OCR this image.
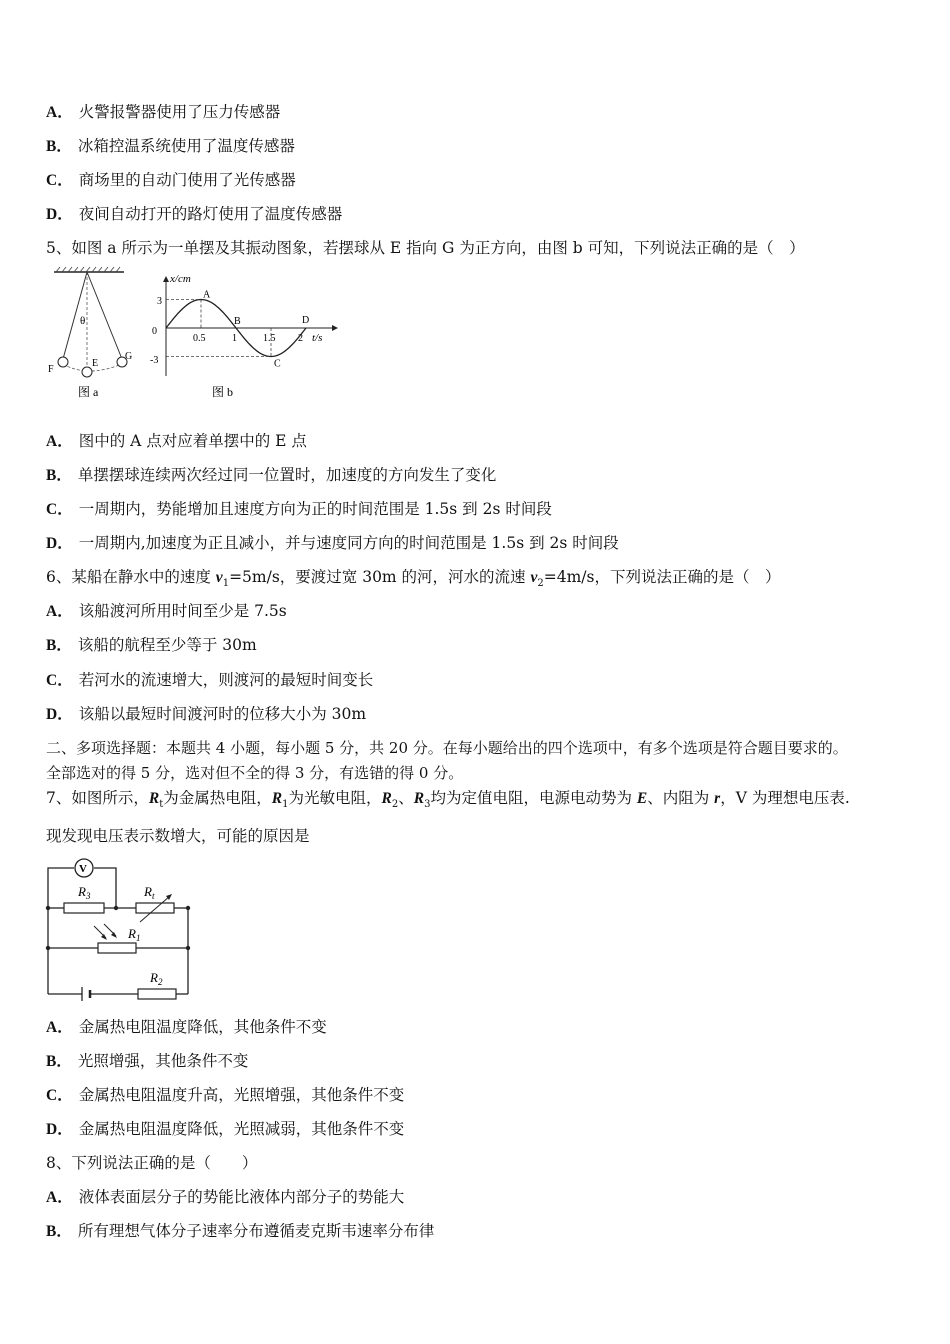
A． 火警报警器使用了压力传感器
B． 冰箱控温系统使用了温度传感器
C． 商场里的自动门使用了光传感器
D． 夜间自动打开的路灯使用了温度传感器
5、如图 a 所示为一单摆及其振动图象，若摆球从 E 指向 G 为正方向，由图 b 可知，下列说法正确的是（　）
θ
F
E
G
图 a
x/cm
t/s
0
3
-3
0.5	1	1.5 2
A
B
C
D
图 b
A． 图中的 A 点对应着单摆中的 E 点
B． 单摆摆球连续两次经过同一位置时，加速度的方向发生了变化
C． 一周期内，势能增加且速度方向为正的时间范围是 1.5s 到 2s 时间段
D． 一周期内,加速度为正且减小，并与速度同方向的时间范围是 1.5s 到 2s 时间段
6、某船在静水中的速度 $v_1=5m/s$，要渡过宽 30m 的河，河水的流速 $v_2=4m/s$，下列说法正确的是（　）
A． 该船渡河所用时间至少是 7.5s
B． 该船的航程至少等于 30m
C． 若河水的流速增大，则渡河的最短时间变长
D． 该船以最短时间渡河时的位移大小为 30m
二、多项选择题：本题共 4 小题，每小题 5 分，共 20 分。在每小题给出的四个选项中，有多个选项是符合题目要求的。
全部选对的得 5 分，选对但不全的得 3 分，有选错的得 0 分。
7、如图所示，$R_t$为金属热电阻，$R_1$为光敏电阻，$R_2$、$R_3$均为定值电阻，电源电动势为 E、内阻为 r，V 为理想电压表.
现发现电压表示数增大，可能的原因是
V
$R_3$	$R_t$
$R_1$
$R_2$
A． 金属热电阻温度降低，其他条件不变
B． 光照增强，其他条件不变
C． 金属热电阻温度升高，光照增强，其他条件不变
D． 金属热电阻温度降低，光照减弱，其他条件不变
8、下列说法正确的是（　　）
A． 液体表面层分子的势能比液体内部分子的势能大
B． 所有理想气体分子速率分布遵循麦克斯韦速率分布律
